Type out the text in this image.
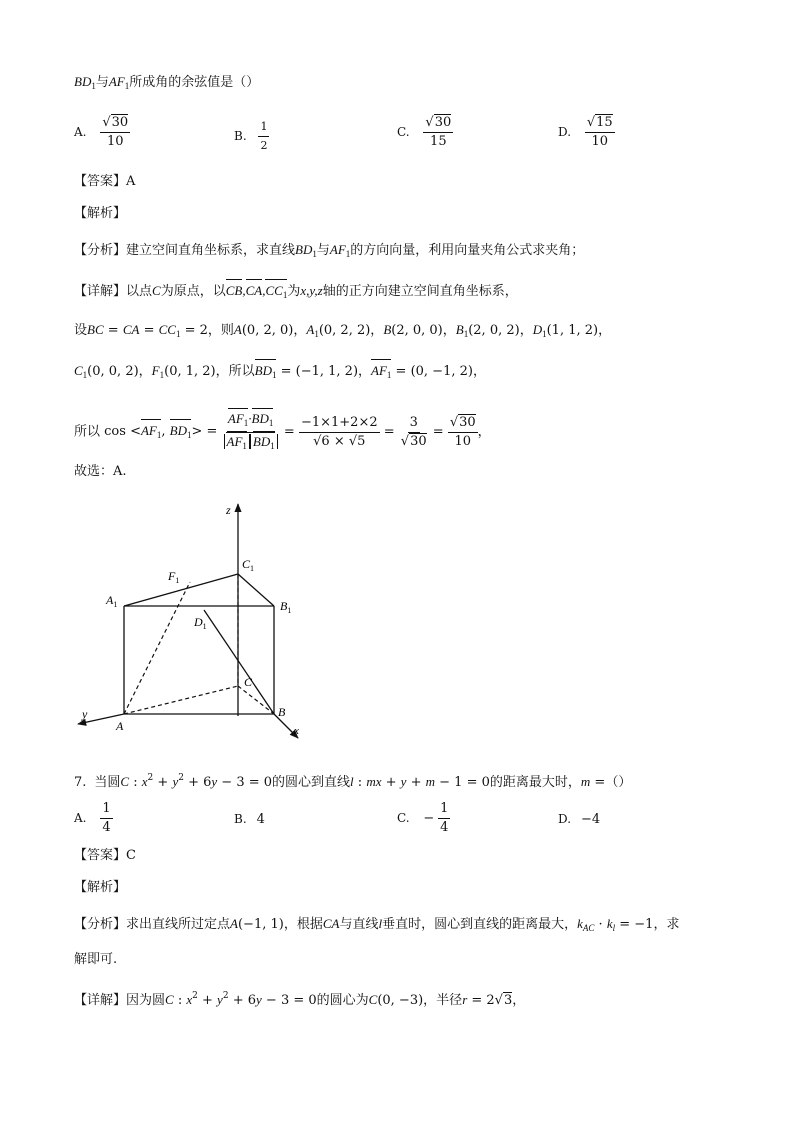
$BD_1$与$AF_1$所成角的余弦值是（）
A. $\frac{√30}{10}$	B. $\frac{1}{2}$	C. $\frac{√30}{15}$	D. $\frac{√15}{10}$
【答案】A
【解析】
【分析】建立空间直角坐标系，求直线$BD_1$与$AF_1$的方向向量，利用向量夹角公式求夹角；
【详解】以点C为原点，以$CB,CA,CC_1$为x,y,z轴的正方向建立空间直角坐标系，
设BC = CA = $CC_1 = 2$，则A(0, 2, 0)，$A_1(0$, 2, 2)，B(2, 0, 0)，$B_1(2$, 0, 2)，$D_1(1$, 1, 2)，
$C_1(0$, 0, 2)，$F_1(0$, 1, 2)，所以$BD_1 = (-1$, 1, 2)，$AF_1 = (0$, −1, 2)，
所以 $\cos <AF_1$, $BD_1> = \frac{AF_1\cdot BD_1}{AF_1 BD_1} = \frac{-1\times 1+2\times 2}{√6 \times √5} = \frac{3}{√30} = \frac{√30}{10}$ ，
故选：A.
z
$C_1$
$F_1$
$A_1$	$B_1$
$D_1$
C
y
A
B
x
7. 当圆C : $x^2 + y^2 + 6y - 3 = 0$的圆心到直线l : mx + y + m − 1 = 0的距离最大时，m =（）
A. $\frac{1}{4}$	B. 4	C. − $\frac{1}{4}$	D. −4
【答案】C
【解析】
【分析】求出直线所过定点A(−1, 1)，根据CA与直线l垂直时，圆心到直线的距离最大，$k_{AC} \cdot k_l = -1$，求
解即可.
【详解】因为圆C : $x^2 + y^2 + 6y - 3 = 0$的圆心为C(0, −3)，半径r = 2√3，
